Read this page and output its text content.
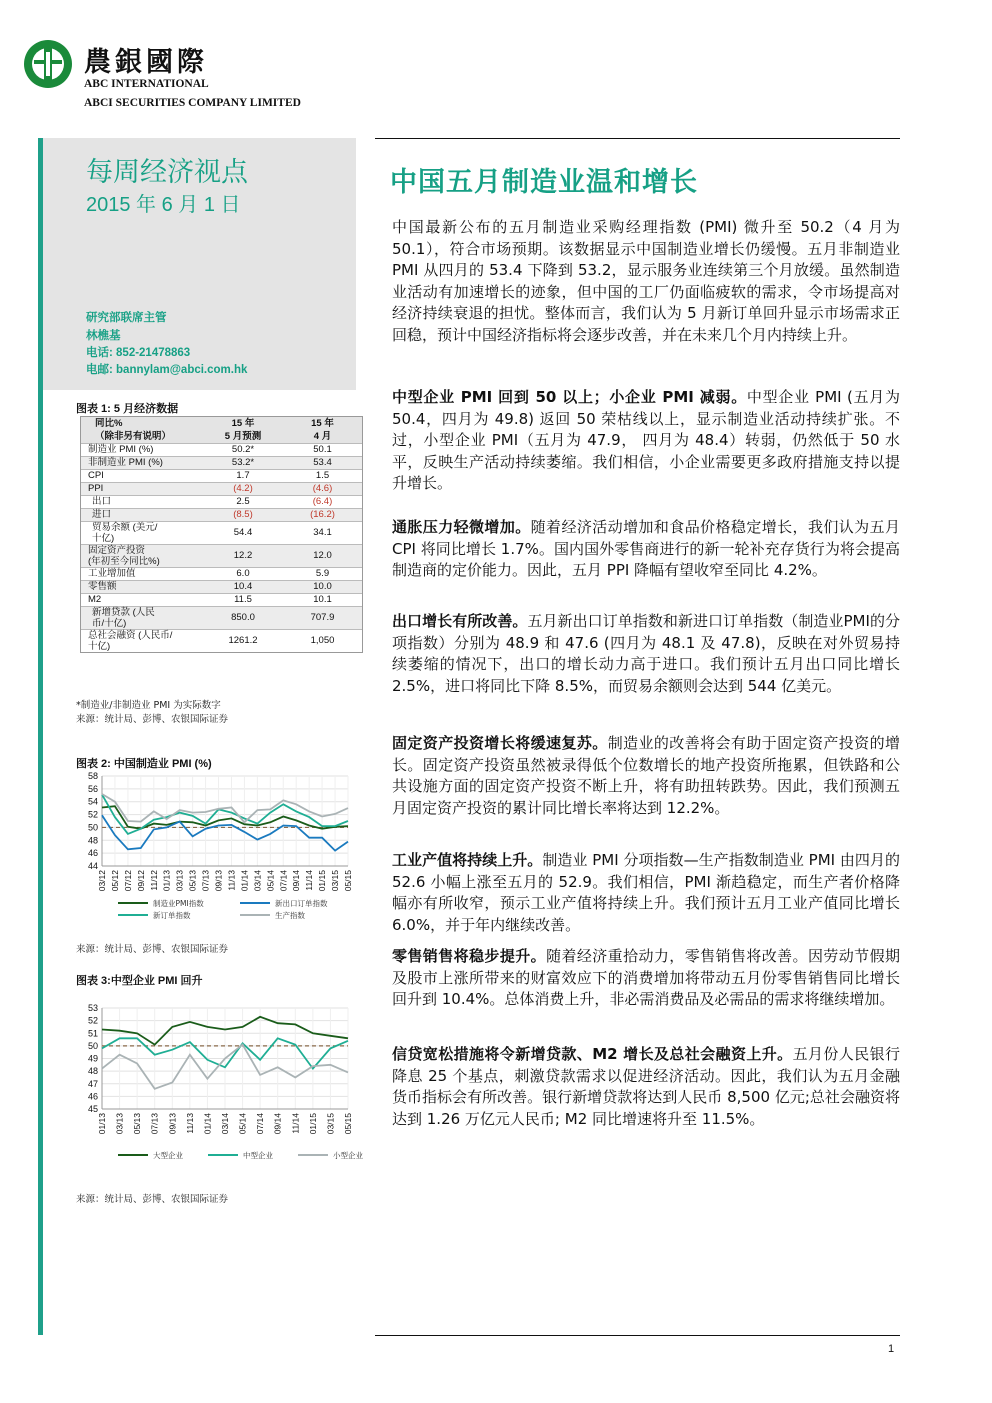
農銀國際
ABC INTERNATIONAL
ABCI SECURITIES COMPANY LIMITED
每周经济视点
2015 年 6 月 1 日
研究部联席主管
林樵基
电话: 852-21478863
电邮: bannylam@abci.com.hk
图表 1: 5 月经济数据
同比%	15 年	15 年
（除非另有说明）	5 月预测	4 月
制造业 PMI (%)	50.2*	50.1
非制造业 PMI (%)	53.2*	53.4
CPI	1.7	1.5
PPI	(4.2)	(4.6)
出口	2.5	(6.4)
进口	(8.5)	(16.2)
贸易余额 (美元/
十亿)	54.4	34.1
固定资产投资
(年初至今同比%)	12.2	12.0
工业增加值	6.0	5.9
零售额	10.4	10.0
M2	11.5	10.1
新增贷款 (人民
币/十亿)	850.0	707.9
总社会融资 (人民币/
十亿)	1261.2	1,050
*制造业/非制造业 PMI 为实际数字
来源：统计局、彭博、农银国际证券
图表 2: 中国制造业 PMI (%)
44
46
48
50
52
54
56
58
03/12 05/12 07/12 09/12 11/12 01/13 03/13 05/13 07/13 09/13 11/13 01/14 03/14 05/14 07/14 09/14 11/14 01/15 03/15 05/15
制造业PMI指数	新出口订单指数
新订单指数	生产指数
来源：统计局、彭博、农银国际证券
图表 3:中型企业 PMI 回升
45
46
47
48
49
50
51
52
53
01/13 03/13 05/13 07/13 09/13 11/13 01/14 03/14 05/14 07/14 09/14 11/14 01/15 03/15 05/15
大型企业	中型企业	小型企业
来源：统计局、彭博、农银国际证券
中国五月制造业温和增长
中国最新公布的五月制造业采购经理指数 (PMI) 微升至 50.2（4 月为 50.1），符合市场预期。该数据显示中国制造业增长仍缓慢。五月非制造业 PMI 从四月的 53.4 下降到 53.2，显示服务业连续第三个月放缓。虽然制造业活动有加速增长的迹象，但中国的工厂仍面临疲软的需求，令市场提高对经济持续衰退的担忧。整体而言，我们认为 5 月新订单回升显示市场需求正回稳，预计中国经济指标将会逐步改善，并在未来几个月内持续上升。
中型企业 PMI 回到 50 以上；小企业 PMI 减弱。中型企业 PMI (五月为 50.4，四月为 49.8) 返回 50 荣枯线以上，显示制造业活动持续扩张。不过，小型企业 PMI（五月为 47.9， 四月为 48.4）转弱，仍然低于 50 水平，反映生产活动持续萎缩。我们相信，小企业需要更多政府措施支持以提升增长。
通胀压力轻微增加。随着经济活动增加和食品价格稳定增长，我们认为五月 CPI 将同比增长 1.7%。国内国外零售商进行的新一轮补充存货行为将会提高制造商的定价能力。因此，五月 PPI 降幅有望收窄至同比 4.2%。
出口增长有所改善。五月新出口订单指数和新进口订单指数（制造业PMI的分项指数）分别为 48.9 和 47.6 (四月为 48.1 及 47.8)，反映在对外贸易持续萎缩的情况下，出口的增长动力高于进口。我们预计五月出口同比增长 2.5%，进口将同比下降 8.5%，而贸易余额则会达到 544 亿美元。
固定资产投资增长将缓速复苏。制造业的改善将会有助于固定资产投资的增长。固定资产投资虽然被录得低个位数增长的地产投资所拖累，但铁路和公共设施方面的固定资产投资不断上升，将有助扭转跌势。因此，我们预测五月固定资产投资的累计同比增长率将达到 12.2%。
工业产值将持续上升。制造业 PMI 分项指数—生产指数制造业 PMI 由四月的 52.6 小幅上涨至五月的 52.9。我们相信，PMI 渐趋稳定，而生产者价格降幅亦有所收窄，预示工业产值将持续上升。我们预计五月工业产值同比增长 6.0%，并于年内继续改善。
零售销售将稳步提升。随着经济重拾动力，零售销售将改善。因劳动节假期及股市上涨所带来的财富效应下的消费增加将带动五月份零售销售同比增长回升到 10.4%。总体消费上升，非必需消费品及必需品的需求将继续增加。
信贷宽松措施将令新增贷款、M2 增长及总社会融资上升。五月份人民银行降息 25 个基点，刺激贷款需求以促进经济活动。因此，我们认为五月金融货币指标会有所改善。银行新增贷款将达到人民币 8,500 亿元;总社会融资将达到 1.26 万亿元人民币; M2 同比增速将升至 11.5%。
1
